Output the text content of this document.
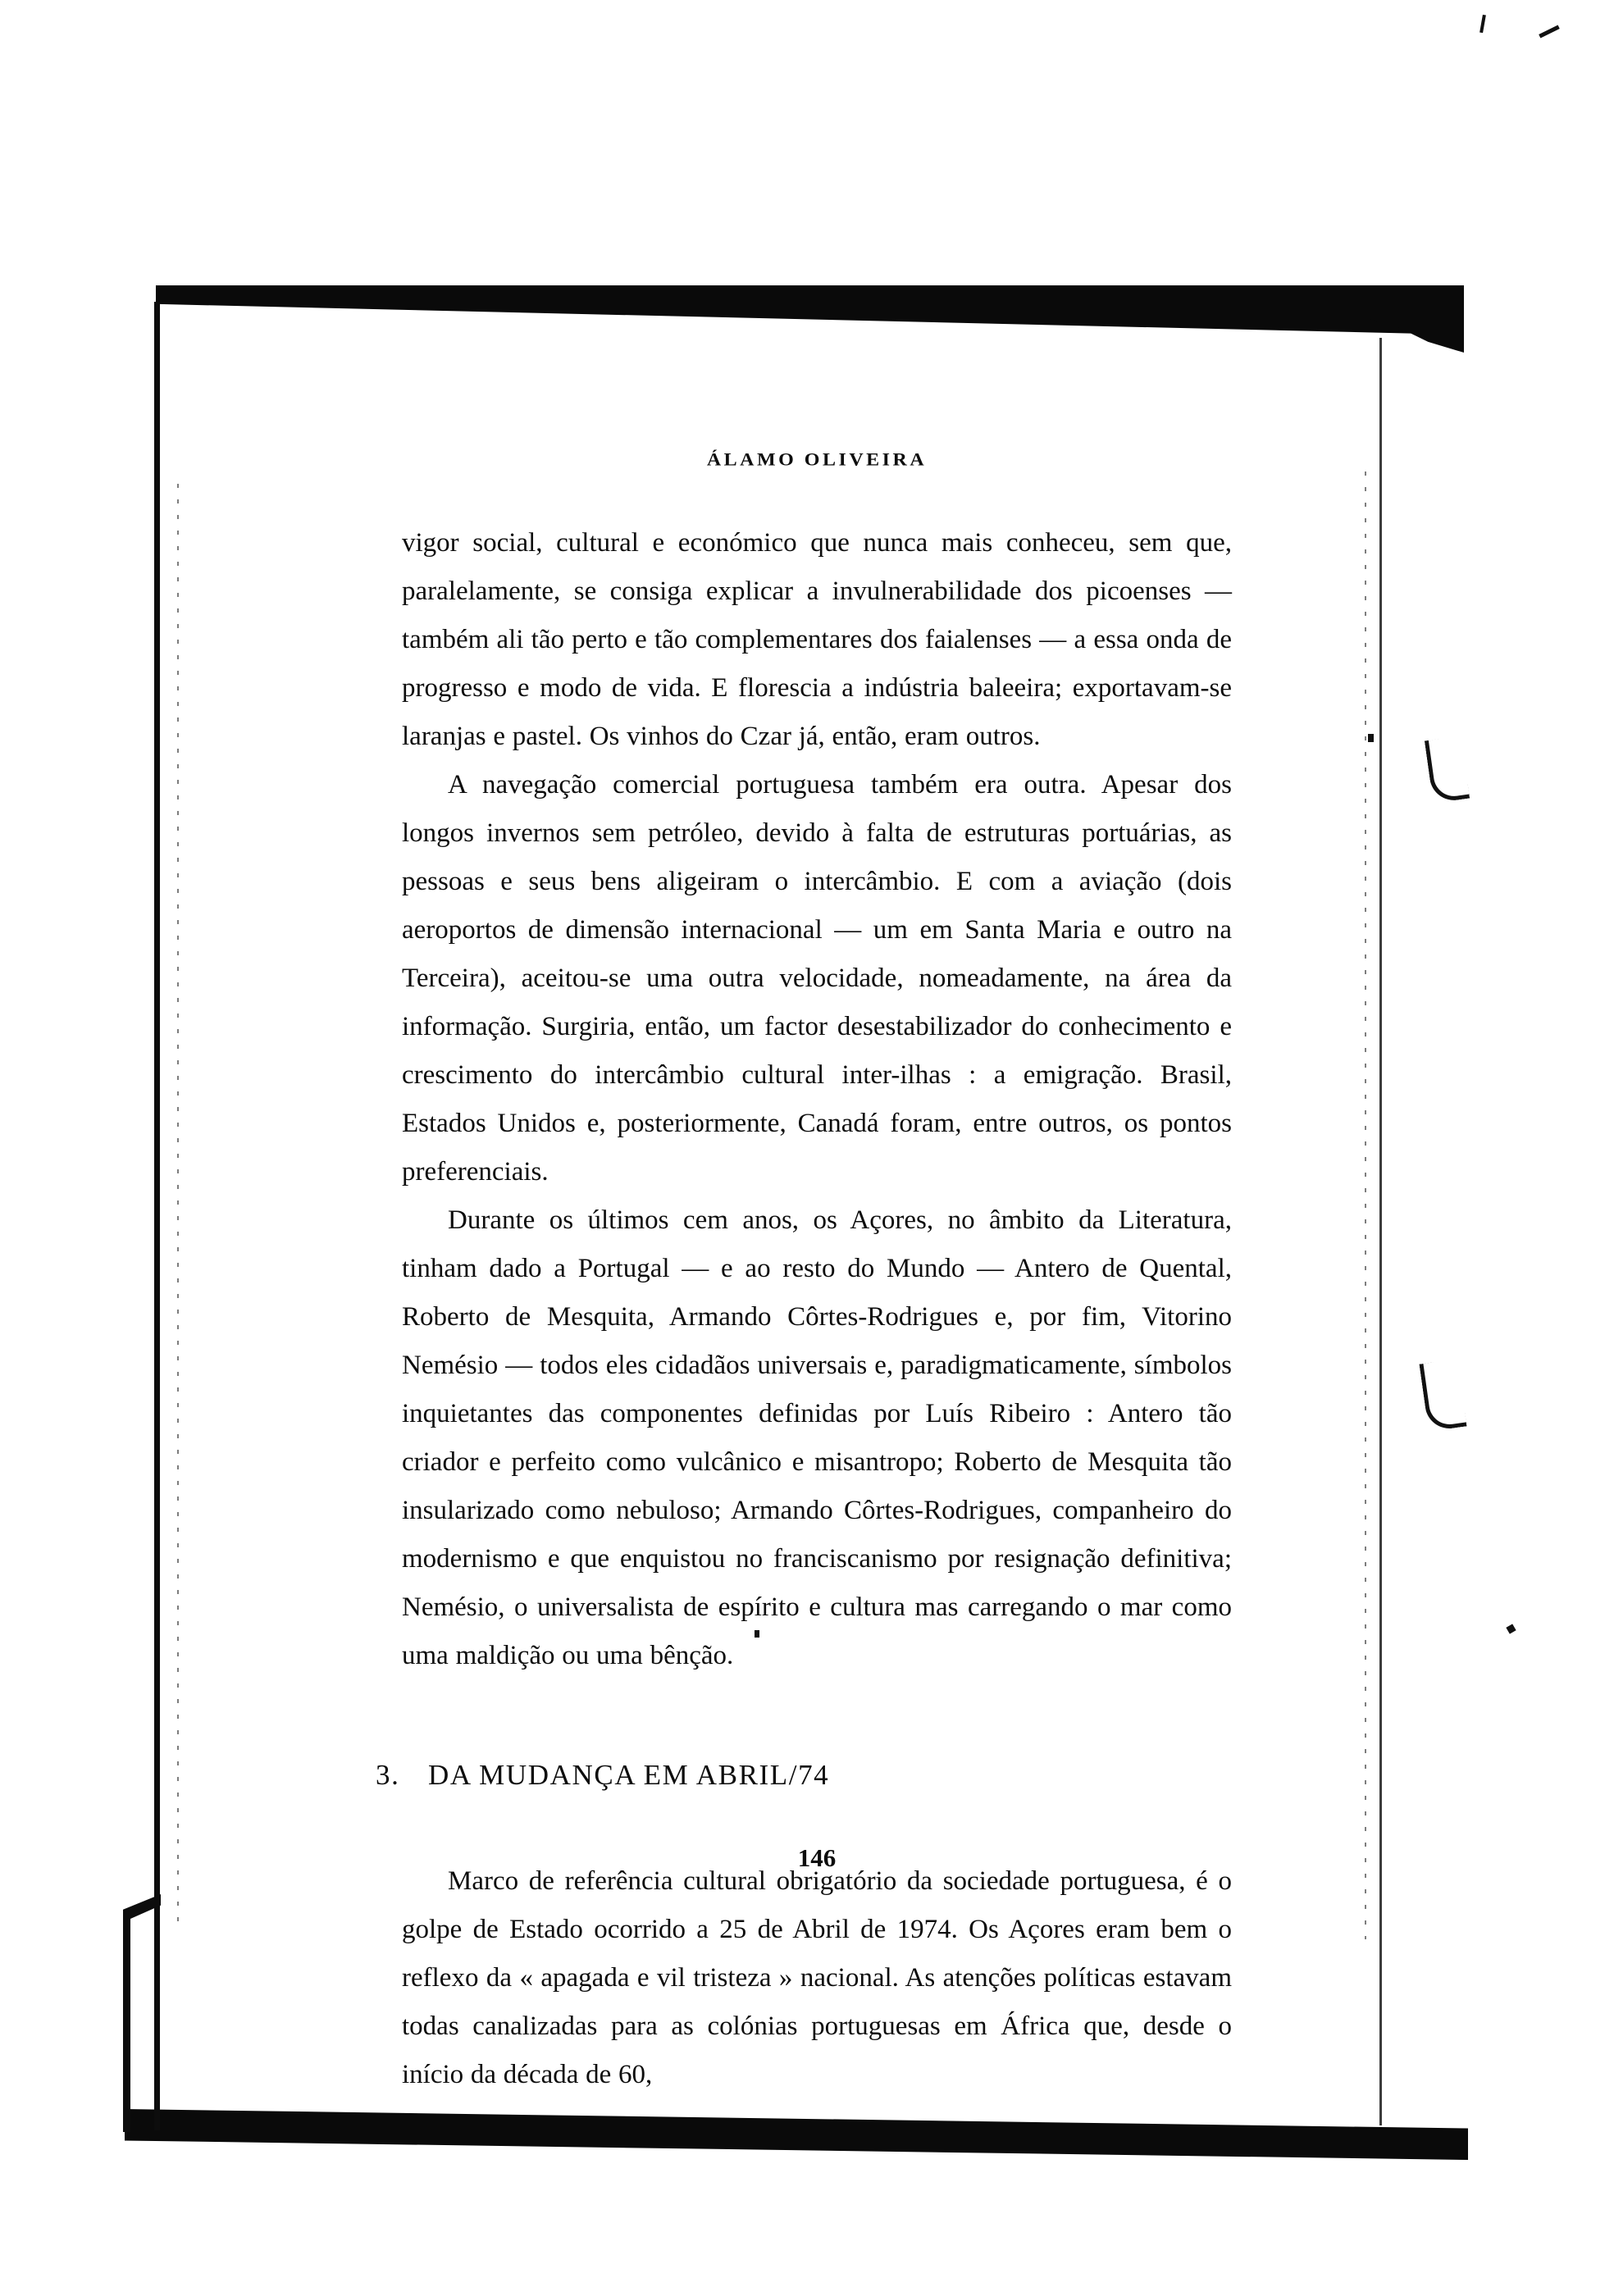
ÁLAMO OLIVEIRA

vigor social, cultural e económico que nunca mais conheceu, sem que, paralelamente, se consiga explicar a invulnerabilidade dos picoenses — também ali tão perto e tão complementares dos faialenses — a essa onda de progresso e modo de vida. E florescia a indústria baleeira; exportavam-se laranjas e pastel. Os vinhos do Czar já, então, eram outros.

A navegação comercial portuguesa também era outra. Apesar dos longos invernos sem petróleo, devido à falta de estruturas portuárias, as pessoas e seus bens aligeiram o intercâmbio. E com a aviação (dois aeroportos de dimensão internacional — um em Santa Maria e outro na Terceira), aceitou-se uma outra velocidade, nomeadamente, na área da informação. Surgiria, então, um factor desestabilizador do conhecimento e crescimento do intercâmbio cultural inter-ilhas : a emigração. Brasil, Estados Unidos e, posteriormente, Canadá foram, entre outros, os pontos preferenciais.

Durante os últimos cem anos, os Açores, no âmbito da Literatura, tinham dado a Portugal — e ao resto do Mundo — Antero de Quental, Roberto de Mesquita, Armando Côrtes-Rodrigues e, por fim, Vitorino Nemésio — todos eles cidadãos universais e, paradigmaticamente, símbolos inquietantes das componentes definidas por Luís Ribeiro : Antero tão criador e perfeito como vulcânico e misantropo; Roberto de Mesquita tão insularizado como nebuloso; Armando Côrtes-Rodrigues, companheiro do modernismo e que enquistou no franciscanismo por resignação definitiva; Nemésio, o universalista de espírito e cultura mas carregando o mar como uma maldição ou uma bênção.

3. DA MUDANÇA EM ABRIL/74

Marco de referência cultural obrigatório da sociedade portuguesa, é o golpe de Estado ocorrido a 25 de Abril de 1974. Os Açores eram bem o reflexo da « apagada e vil tristeza » nacional. As atenções políticas estavam todas canalizadas para as colónias portuguesas em África que, desde o início da década de 60,

146
